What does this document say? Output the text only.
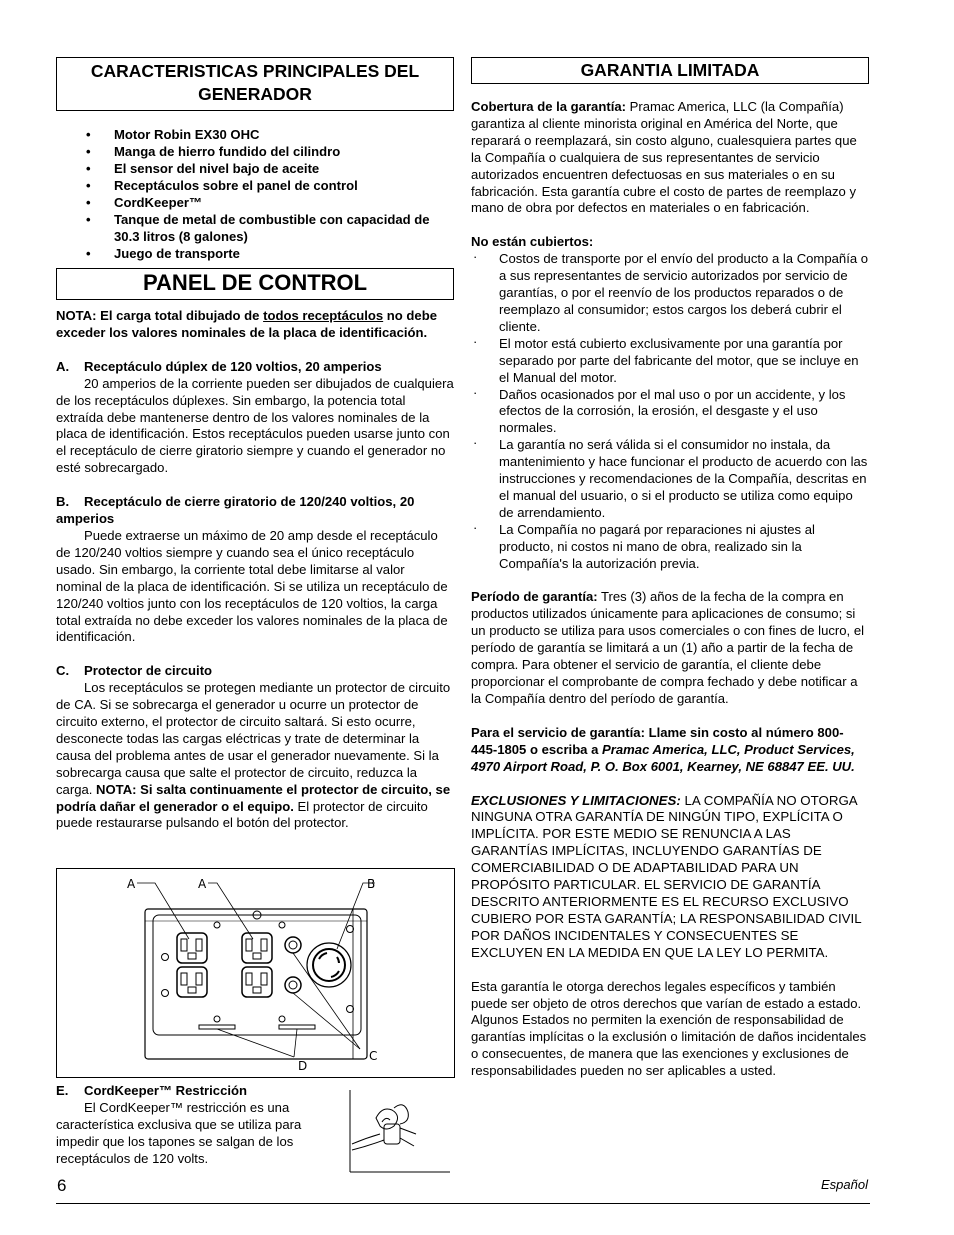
CARACTERISTICAS PRINCIPALES DEL GENERADOR
• Motor Robin EX30 OHC
• Manga de hierro fundido del cilindro
• El sensor del nivel bajo de aceite
• Receptáculos sobre el panel de control
• CordKeeper™
• Tanque de metal de combustible con capacidad de 30.3 litros (8 galones)
• Juego de transporte
PANEL DE CONTROL

NOTA: El carga total dibujado de todos receptáculos no debe exceder los valores nominales de la placa de identificación.

A. Receptáculo dúplex de 120 voltios, 20 amperios

20 amperios de la corriente pueden ser dibujados de cualquiera de los receptáculos dúplexes. Sin embargo, la potencia total extraída debe mantenerse dentro de los valores nominales de la placa de identificación. Estos receptáculos pueden usarse junto con el receptáculo de cierre giratorio siempre y cuando el generador no esté sobrecargado.

B. Receptáculo de cierre giratorio de 120/240 voltios, 20 amperios

Puede extraerse un máximo de 20 amp desde el receptáculo de 120/240 voltios siempre y cuando sea el único receptáculo usado. Sin embargo, la corriente total debe limitarse al valor nominal de la placa de identificación. Si se utiliza un receptáculo de 120/240 voltios junto con los receptáculos de 120 voltios, la carga total extraída no debe exceder los valores nominales de la placa de identificación.

C. Protector de circuito

Los receptáculos se protegen mediante un protector de circuito de CA. Si se sobrecarga el generador u ocurre un protector de circuito externo, el protector de circuito saltará. Si esto ocurre, desconecte todas las cargas eléctricas y trate de determinar la causa del problema antes de usar el generador nuevamente. Si la sobrecarga causa que salte el protector de circuito, reduzca la carga. NOTA: Si salta continuamente el protector de circuito, se podría dañar el generador o el equipo. El protector de circuito puede restaurarse pulsando el botón del protector.

A	A	B
C
D
E. CordKeeper™ Restricción

El CordKeeper™ restricción es una característica exclusiva que se utiliza para impedir que los tapones se salgan de los receptáculos de 120 volts.

GARANTIA LIMITADA

Cobertura de la garantía: Pramac America, LLC (la Compañía) garantiza al cliente minorista original en América del Norte, que reparará o reemplazará, sin costo alguno, cualesquiera partes que la Compañía o cualquiera de sus representantes de servicio autorizados encuentren defectuosas en sus materiales o en su fabricación. Esta garantía cubre el costo de partes de reemplazo y mano de obra por defectos en materiales o en fabricación.

No están cubiertos:

· Costos de transporte por el envío del producto a la Compañía o a sus representantes de servicio autorizados por servicio de garantías, o por el reenvío de los productos reparados o de reemplazo al consumidor; estos cargos los deberá cubrir el cliente.
· El motor está cubierto exclusivamente por una garantía por separado por parte del fabricante del motor, que se incluye en el Manual del motor.
· Daños ocasionados por el mal uso o por un accidente, y los efectos de la corrosión, la erosión, el desgaste y el uso normales.
· La garantía no será válida si el consumidor no instala, da mantenimiento y hace funcionar el producto de acuerdo con las instrucciones y recomendaciones de la Compañía, descritas en el manual del usuario, o si el producto se utiliza como equipo de arrendamiento.
· La Compañía no pagará por reparaciones ni ajustes al producto, ni costos ni mano de obra, realizado sin la Compañía's la autorización previa.

Período de garantía: Tres (3) años de la fecha de la compra en productos utilizados únicamente para aplicaciones de consumo; si un producto se utiliza para usos comerciales o con fines de lucro, el período de garantía se limitará a un (1) año a partir de la fecha de compra. Para obtener el servicio de garantía, el cliente debe proporcionar el comprobante de compra fechado y debe notificar a la Compañía dentro del período de garantía.

Para el servicio de garantía: Llame sin costo al número 800-445-1805 o escriba a Pramac America, LLC, Product Services, 4970 Airport Road, P. O. Box 6001, Kearney, NE 68847 EE. UU.

EXCLUSIONES Y LIMITACIONES: LA COMPAÑÍA NO OTORGA NINGUNA OTRA GARANTÍA DE NINGÚN TIPO, EXPLÍCITA O IMPLÍCITA. POR ESTE MEDIO SE RENUNCIA A LAS GARANTÍAS IMPLÍCITAS, INCLUYENDO GARANTÍAS DE COMERCIABILIDAD O DE ADAPTABILIDAD PARA UN PROPÓSITO PARTICULAR. EL SERVICIO DE GARANTÍA DESCRITO ANTERIORMENTE ES EL RECURSO EXCLUSIVO CUBIERO POR ESTA GARANTÍA; LA RESPONSABILIDAD CIVIL POR DAÑOS INCIDENTALES Y CONSECUENTES SE EXCLUYEN EN LA MEDIDA EN QUE LA LEY LO PERMITA.

Esta garantía le otorga derechos legales específicos y también puede ser objeto de otros derechos que varían de estado a estado. Algunos Estados no permiten la exención de responsabilidad de garantías implícitas o la exclusión o limitación de daños incidentales o consecuentes, de manera que las exenciones y exclusiones de responsabilidades pueden no ser aplicables a usted.

6	Español
